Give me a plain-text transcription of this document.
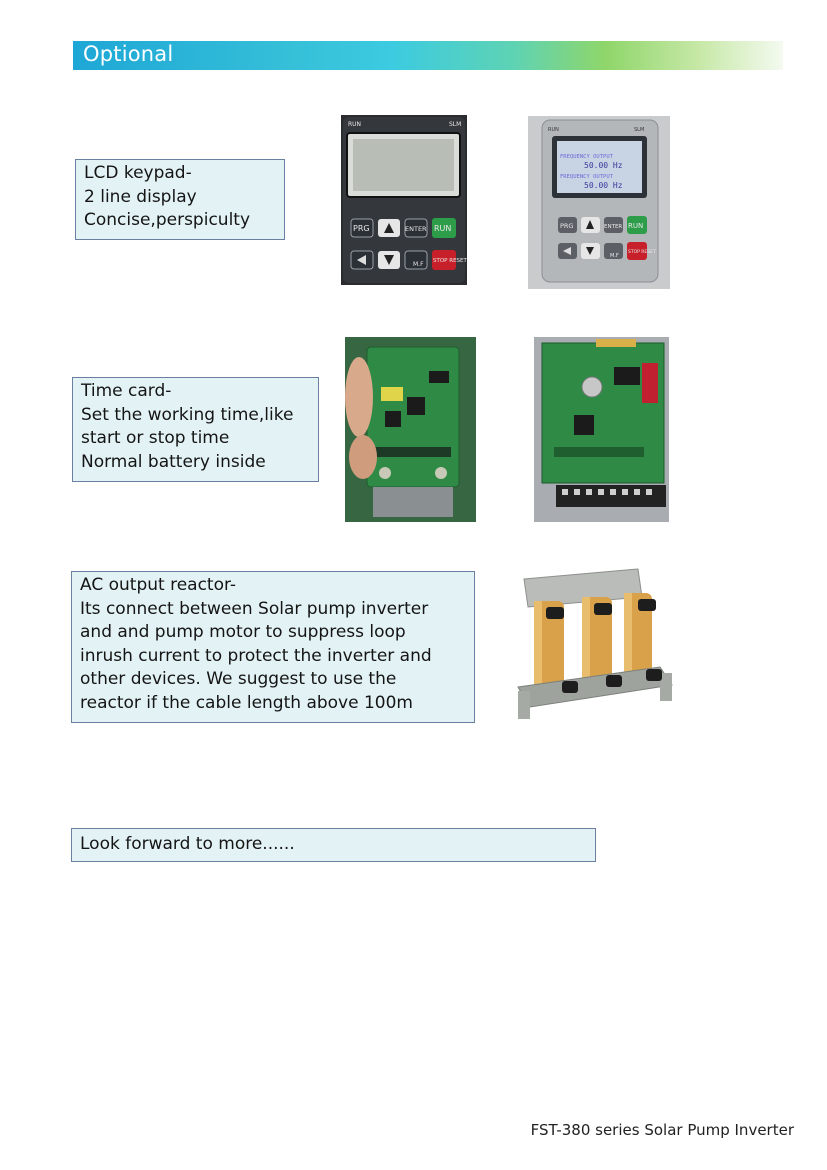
Optional
LCD keypad-
2 line display
Concise,perspiculty
RUN	SLM
PRG	ENTER RUN
M.F STOP RESET
RUN	SLM
FREQUENCY OUTPUT
50.00 Hz
FREQUENCY OUTPUT
50.00 Hz
PRG	ENTER RUN
M.F
STOP RESET
Time card-
Set the working time,like
start or stop time
Normal battery inside
AC output reactor-
Its connect between Solar pump inverter
and and pump motor to suppress loop
inrush current to protect the inverter and
other devices. We suggest to use the
reactor if the cable length above 100m
Look forward to more......
FST-380 series Solar Pump Inverter
